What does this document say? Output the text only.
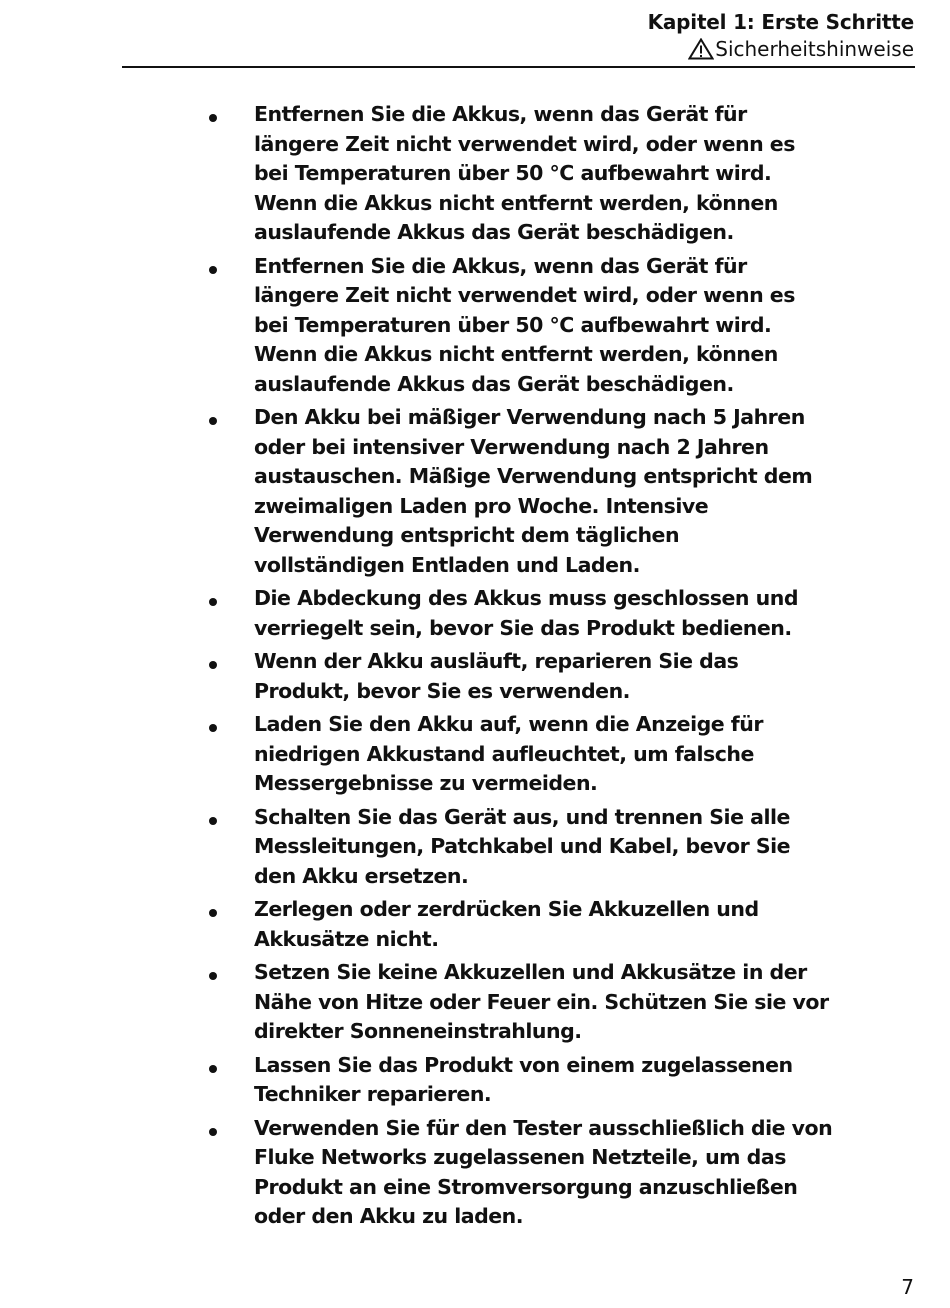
Kapitel 1: Erste Schritte
Sicherheitshinweise
Entfernen Sie die Akkus, wenn das Gerät für längere Zeit nicht verwendet wird, oder wenn es bei Temperaturen über 50 °C aufbewahrt wird. Wenn die Akkus nicht entfernt werden, können auslaufende Akkus das Gerät beschädigen.
Entfernen Sie die Akkus, wenn das Gerät für längere Zeit nicht verwendet wird, oder wenn es bei Temperaturen über 50 °C aufbewahrt wird. Wenn die Akkus nicht entfernt werden, können auslaufende Akkus das Gerät beschädigen.
Den Akku bei mäßiger Verwendung nach 5 Jahren oder bei intensiver Verwendung nach 2 Jahren austauschen. Mäßige Verwendung entspricht dem zweimaligen Laden pro Woche. Intensive Verwendung entspricht dem täglichen vollständigen Entladen und Laden.
Die Abdeckung des Akkus muss geschlossen und verriegelt sein, bevor Sie das Produkt bedienen.
Wenn der Akku ausläuft, reparieren Sie das Produkt, bevor Sie es verwenden.
Laden Sie den Akku auf, wenn die Anzeige für niedrigen Akkustand aufleuchtet, um falsche Messergebnisse zu vermeiden.
Schalten Sie das Gerät aus, und trennen Sie alle Messleitungen, Patchkabel und Kabel, bevor Sie den Akku ersetzen.
Zerlegen oder zerdrücken Sie Akkuzellen und Akkusätze nicht.
Setzen Sie keine Akkuzellen und Akkusätze in der Nähe von Hitze oder Feuer ein. Schützen Sie sie vor direkter Sonneneinstrahlung.
Lassen Sie das Produkt von einem zugelassenen Techniker reparieren.
Verwenden Sie für den Tester ausschließlich die von Fluke Networks zugelassenen Netzteile, um das Produkt an eine Stromversorgung anzuschließen oder den Akku zu laden.
7
